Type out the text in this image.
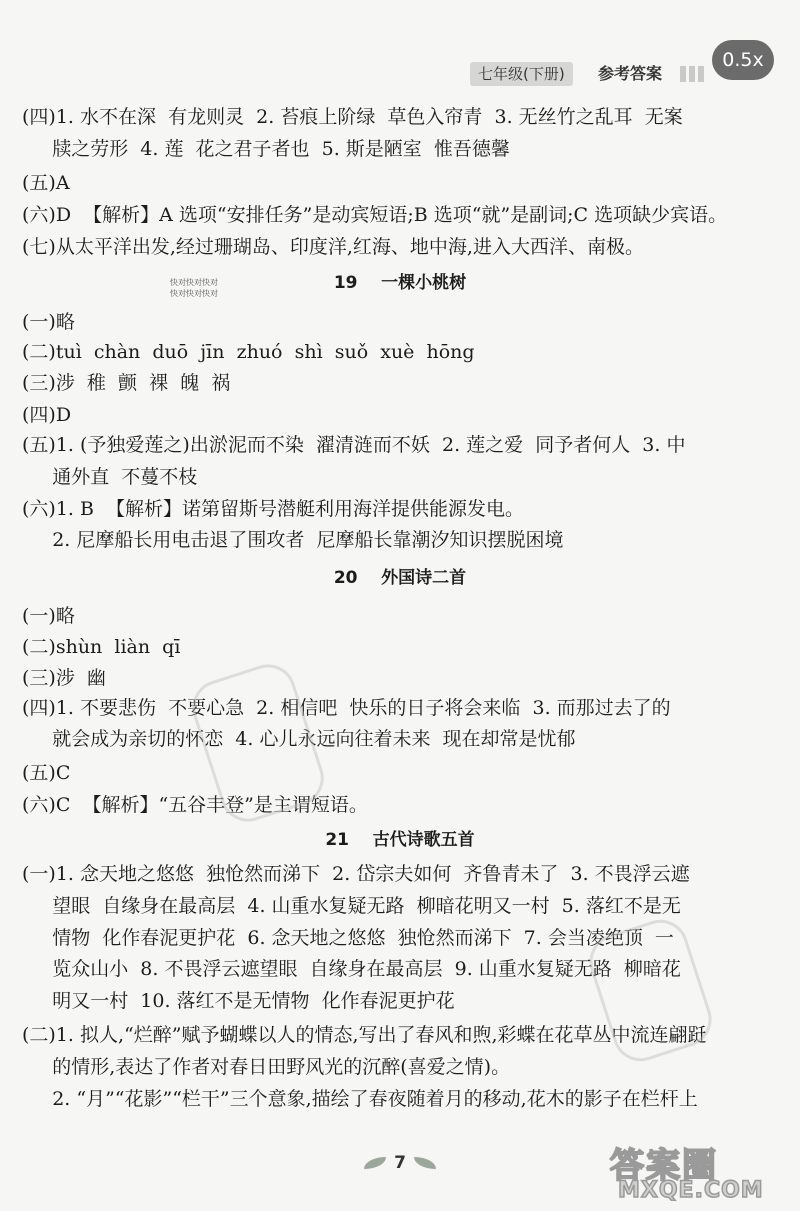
七年级(下册)	参考答案
0.5x
(四)1. 水不在深  有龙则灵  2. 苔痕上阶绿  草色入帘青  3. 无丝竹之乱耳  无案
牍之劳形  4. 莲  花之君子者也  5. 斯是陋室  惟吾德馨
(五)A
(六)D  【解析】A 选项“安排任务”是动宾短语;B 选项“就”是副词;C 选项缺少宾语。
(七)从太平洋出发,经过珊瑚岛、印度洋,红海、地中海,进入大西洋、南极。
快对快对快对
快对快对快对
19    一棵小桃树
(一)略
(二)tuì  chàn  duō  jīn  zhuó  shì  suǒ  xuè  hōng
(三)涉  稚  颤  裸  魄  祸
(四)D
(五)1. (予独爱莲之)出淤泥而不染  濯清涟而不妖  2. 莲之爱  同予者何人  3. 中
通外直  不蔓不枝
(六)1. B  【解析】诺第留斯号潜艇利用海洋提供能源发电。
2. 尼摩船长用电击退了围攻者  尼摩船长靠潮汐知识摆脱困境
20    外国诗二首
(一)略
(二)shùn  liàn  qī
(三)涉  幽
(四)1. 不要悲伤  不要心急  2. 相信吧  快乐的日子将会来临  3. 而那过去了的
就会成为亲切的怀恋  4. 心儿永远向往着未来  现在却常是忧郁
(五)C
(六)C  【解析】“五谷丰登”是主谓短语。
21    古代诗歌五首
(一)1. 念天地之悠悠  独怆然而涕下  2. 岱宗夫如何  齐鲁青未了  3. 不畏浮云遮
望眼  自缘身在最高层  4. 山重水复疑无路  柳暗花明又一村  5. 落红不是无
情物  化作春泥更护花  6. 念天地之悠悠  独怆然而涕下  7. 会当凌绝顶  一
览众山小  8. 不畏浮云遮望眼  自缘身在最高层  9. 山重水复疑无路  柳暗花
明又一村  10. 落红不是无情物  化作春泥更护花
(二)1. 拟人,“烂醉”赋予蝴蝶以人的情态,写出了春风和煦,彩蝶在花草丛中流连翩跹
的情形,表达了作者对春日田野风光的沉醉(喜爱之情)。
2. “月”“花影”“栏干”三个意象,描绘了春夜随着月的移动,花木的影子在栏杆上
7	答案圈
MXQE.COM
